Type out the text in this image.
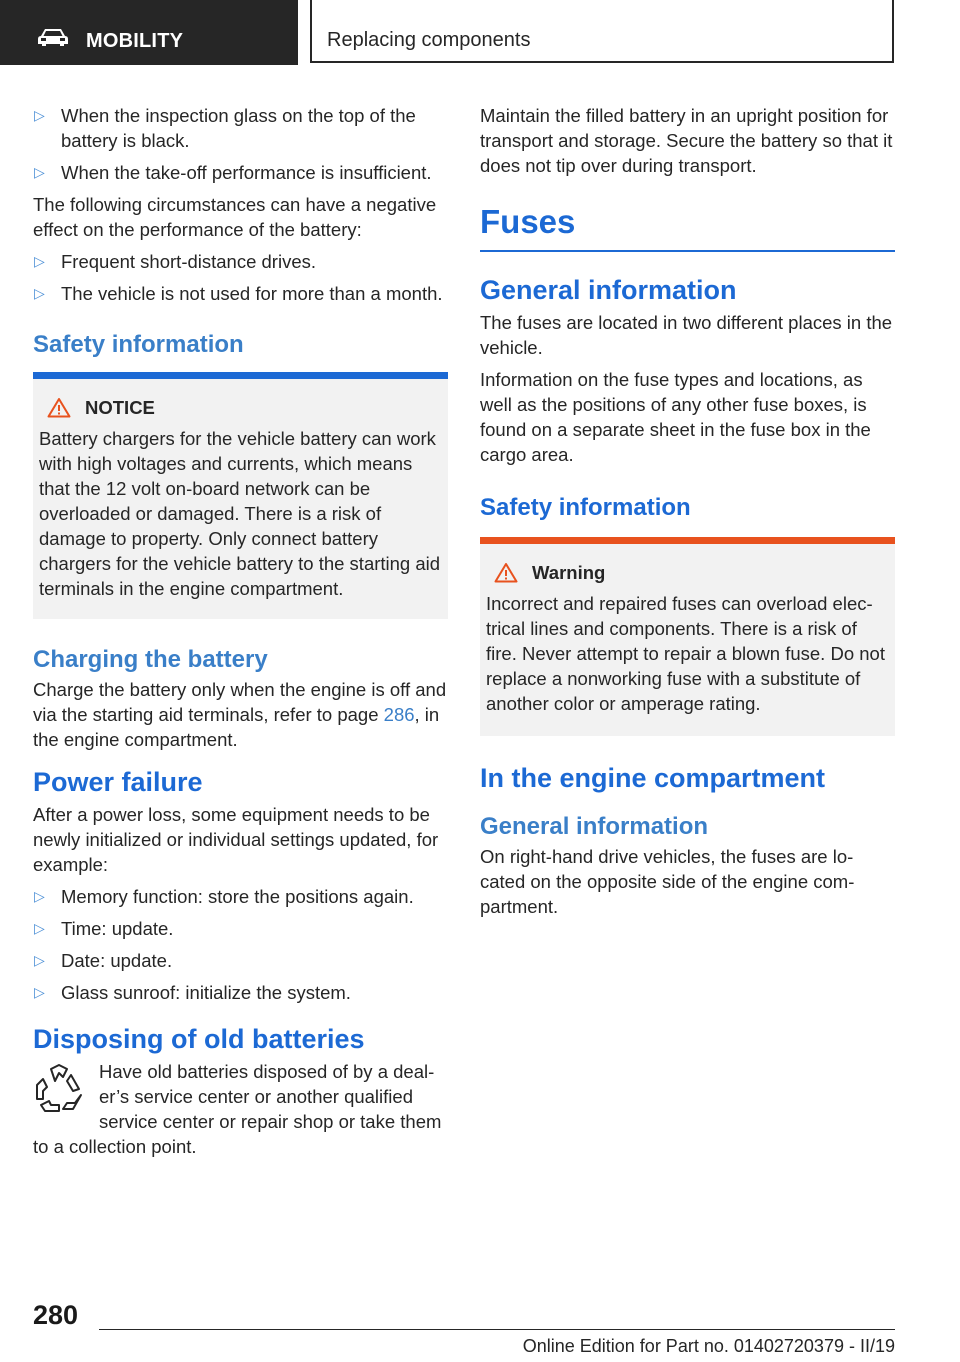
MOBILITY	Replacing components
▷ When the inspection glass on the top of the battery is black.
▷ When the take-off performance is insufficient.

The following circumstances can have a negative effect on the performance of the battery:

▷ Frequent short-distance drives.
▷ The vehicle is not used for more than a month.
Safety information
NOTICE
Battery chargers for the vehicle battery can work with high voltages and currents, which means that the 12 volt on-board network can be overloaded or damaged. There is a risk of damage to property. Only connect battery chargers for the vehicle battery to the starting aid terminals in the engine compartment.
Charging the battery

Charge the battery only when the engine is off and via the starting aid terminals, refer to page 286, in the engine compartment.

Power failure

After a power loss, some equipment needs to be newly initialized or individual settings updated, for example:

▷ Memory function: store the positions again.
▷ Time: update.
▷ Date: update.
▷ Glass sunroof: initialize the system.
Disposing of old batteries
Have old batteries disposed of by a deal‐er’s service center or another qualified service center or repair shop or take them to a collection point.

Maintain the filled battery in an upright position for transport and storage. Secure the battery so that it does not tip over during transport.

Fuses
General information

The fuses are located in two different places in the vehicle.

Information on the fuse types and locations, as well as the positions of any other fuse boxes, is found on a separate sheet in the fuse box in the cargo area.

Safety information
Warning
Incorrect and repaired fuses can overload elec‐trical lines and components. There is a risk of fire. Never attempt to repair a blown fuse. Do not replace a nonworking fuse with a substitute of another color or amperage rating.
In the engine compartment
General information

On right-hand drive vehicles, the fuses are lo‐cated on the opposite side of the engine com‐partment.

280
Online Edition for Part no. 01402720379 - II/19
